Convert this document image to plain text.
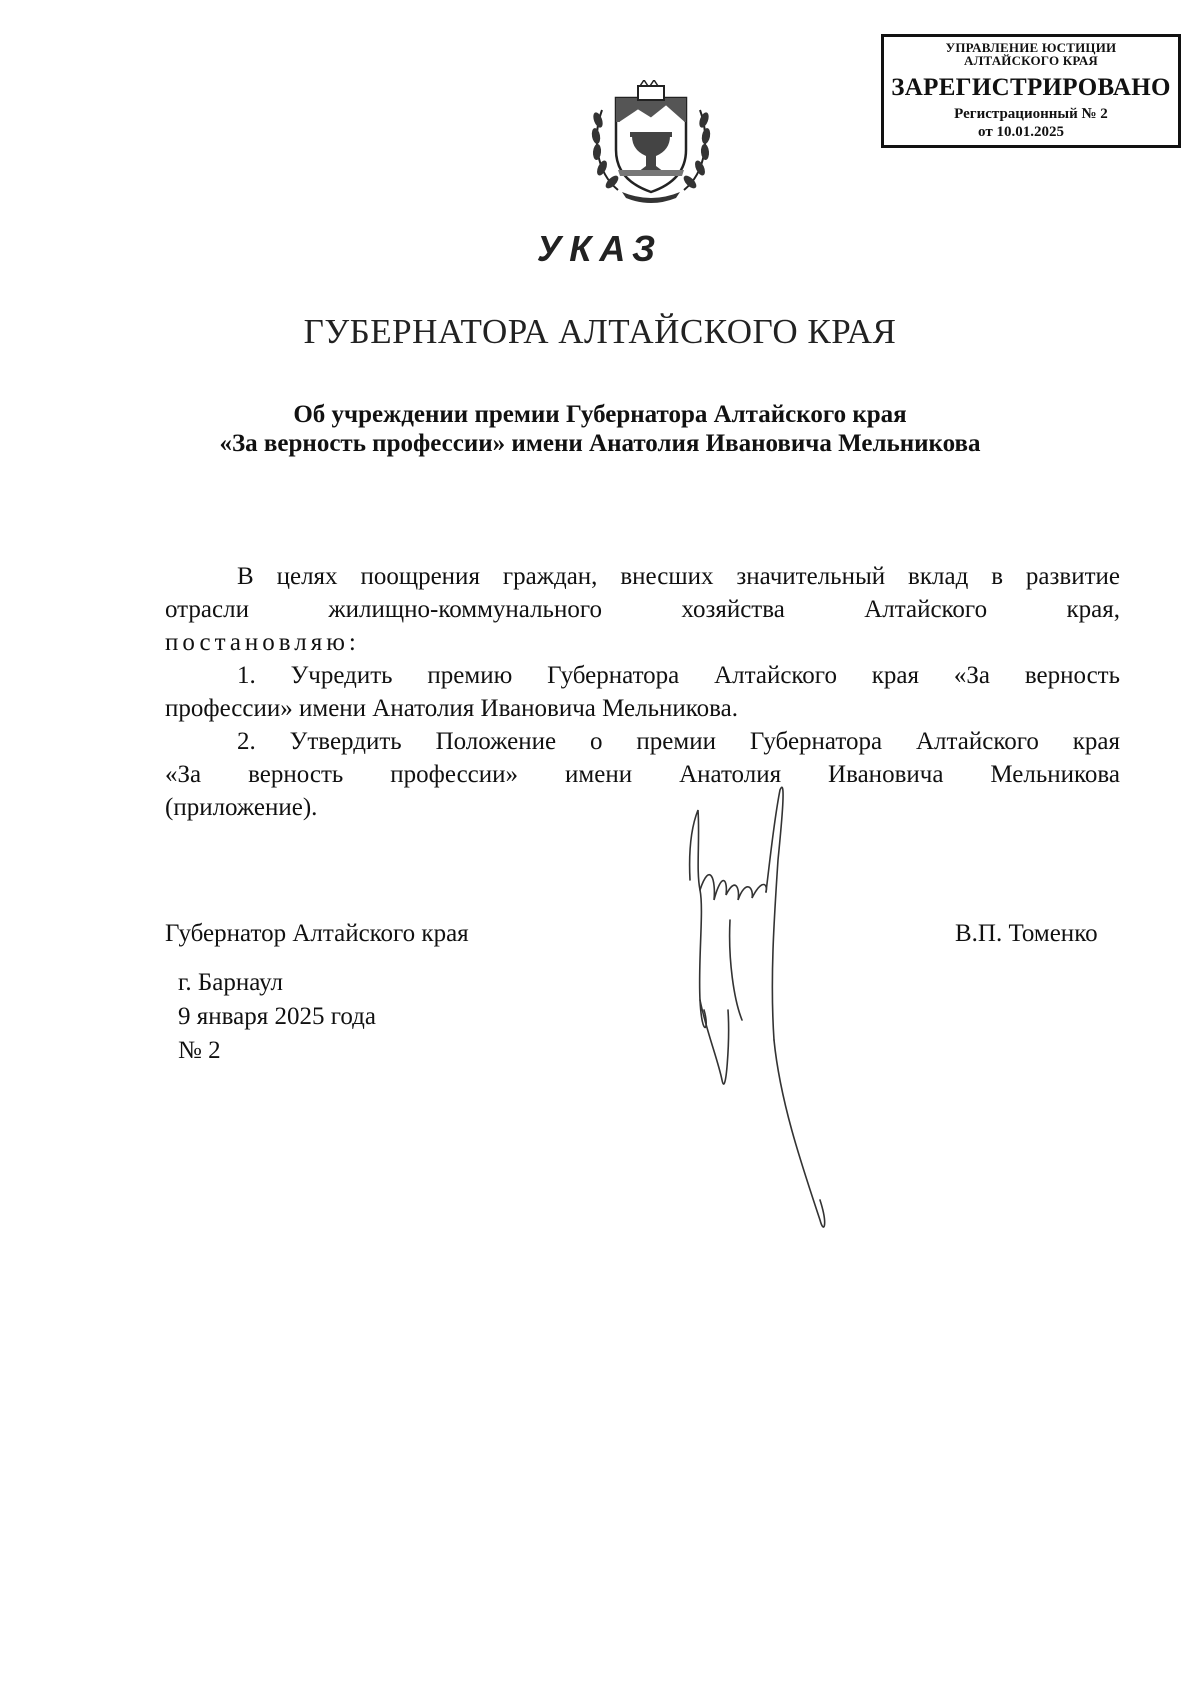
УПРАВЛЕНИЕ ЮСТИЦИИ
АЛТАЙСКОГО КРАЯ
ЗАРЕГИСТРИРОВАНО
Регистрационный № 2
от 10.01.2025
УКАЗ
ГУБЕРНАТОРА АЛТАЙСКОГО КРАЯ
Об учреждении премии Губернатора Алтайского края
«За верность профессии» имени Анатолия Ивановича Мельникова

В целях поощрения граждан, внесших значительный вклад в развитие

отрасли жилищно-коммунального хозяйства Алтайского края,

постановляю:

1. Учредить премию Губернатора Алтайского края «За верность

профессии» имени Анатолия Ивановича Мельникова.

2. Утвердить Положение о премии Губернатора Алтайского края

«За верность профессии» имени Анатолия Ивановича Мельникова

(приложение).

Губернатор Алтайского края	В.П. Томенко
г. Барнаул
9 января 2025 года
№ 2
